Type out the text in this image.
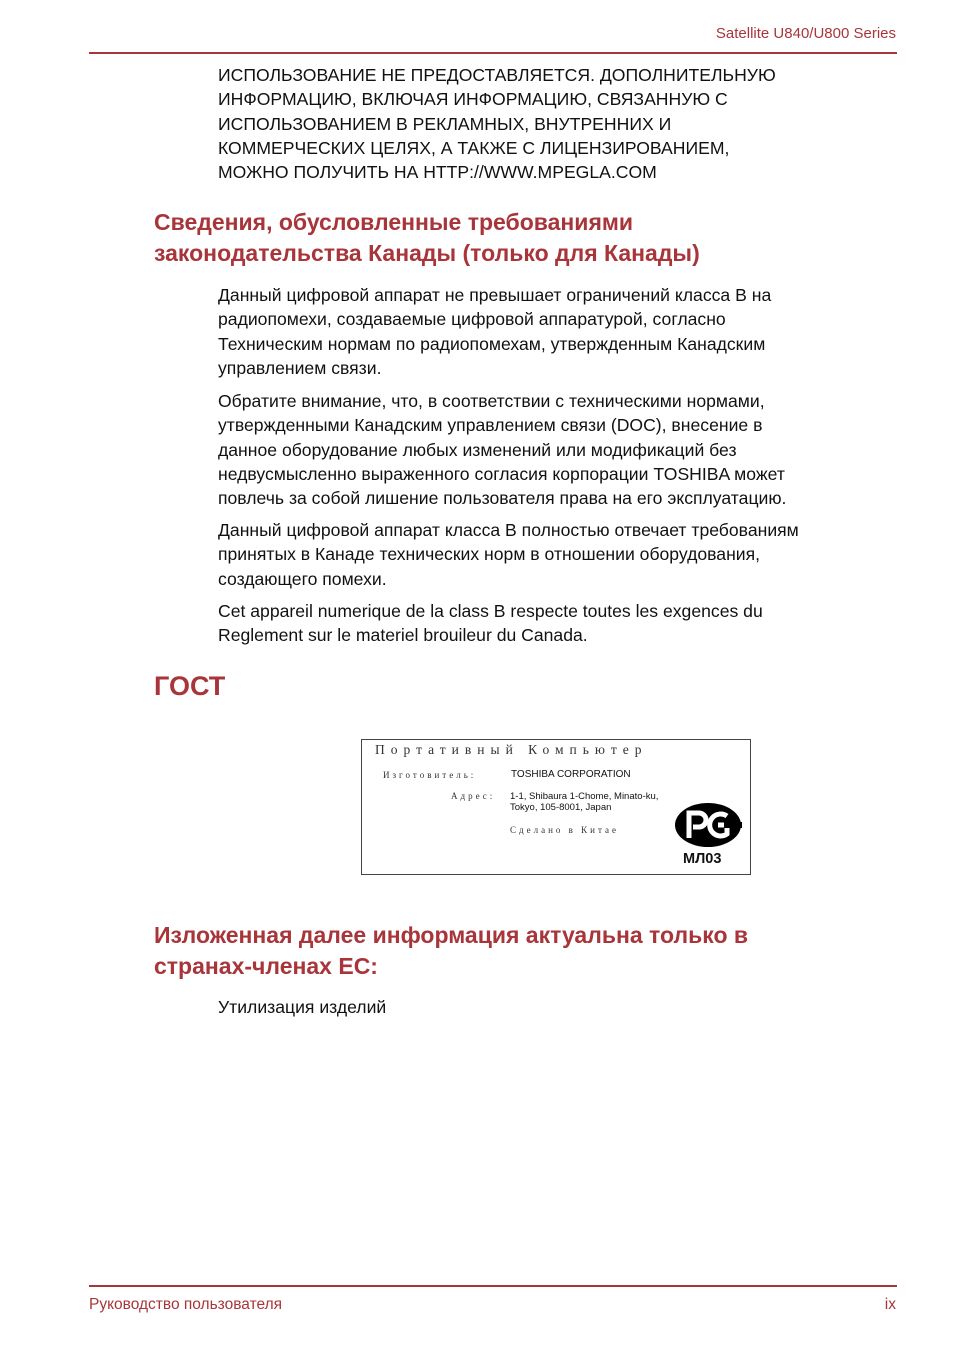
Satellite U840/U800 Series

ИСПОЛЬЗОВАНИЕ НЕ ПРЕДОСТАВЛЯЕТСЯ. ДОПОЛНИТЕЛЬНУЮ

ИНФОРМАЦИЮ, ВКЛЮЧАЯ ИНФОРМАЦИЮ, СВЯЗАННУЮ С

ИСПОЛЬЗОВАНИЕМ В РЕКЛАМНЫХ, ВНУТРЕННИХ И

КОММЕРЧЕСКИХ ЦЕЛЯХ, А ТАКЖЕ С ЛИЦЕНЗИРОВАНИЕМ,

МОЖНО ПОЛУЧИТЬ НА HTTP://WWW.MPEGLA.COM

Сведения, обусловленные требованиями
законодательства Канады (только для Канады)

Данный цифровой аппарат не превышает ограничений класса B на

радиопомехи, создаваемые цифровой аппаратурой, согласно

Техническим нормам по радиопомехам, утвержденным Канадским

управлением связи.

Обратите внимание, что, в соответствии с техническими нормами,

утвержденными Канадским управлением связи (DOC), внесение в

данное оборудование любых изменений или модификаций без

недвусмысленно выраженного согласия корпорации TOSHIBA может

повлечь за собой лишение пользователя права на его эксплуатацию.

Данный цифровой аппарат класса B полностью отвечает требованиям

принятых в Канаде технических норм в отношении оборудования,

создающего помехи.

Cet appareil numerique de la class B respecte toutes les exgences du

Reglement sur le materiel brouileur du Canada.

ГОСТ
Портативный Компьютер
Изготовитель:	TOSHIBA CORPORATION
Адрес: 1-1, Shibaura 1-Chome, Minato-ku,
Tokyo, 105-8001, Japan
Сделано в Китае
МЛ03
Изложенная далее информация актуальна только в
странах-членах ЕС:

Утилизация изделий

Руководство пользователя	ix
